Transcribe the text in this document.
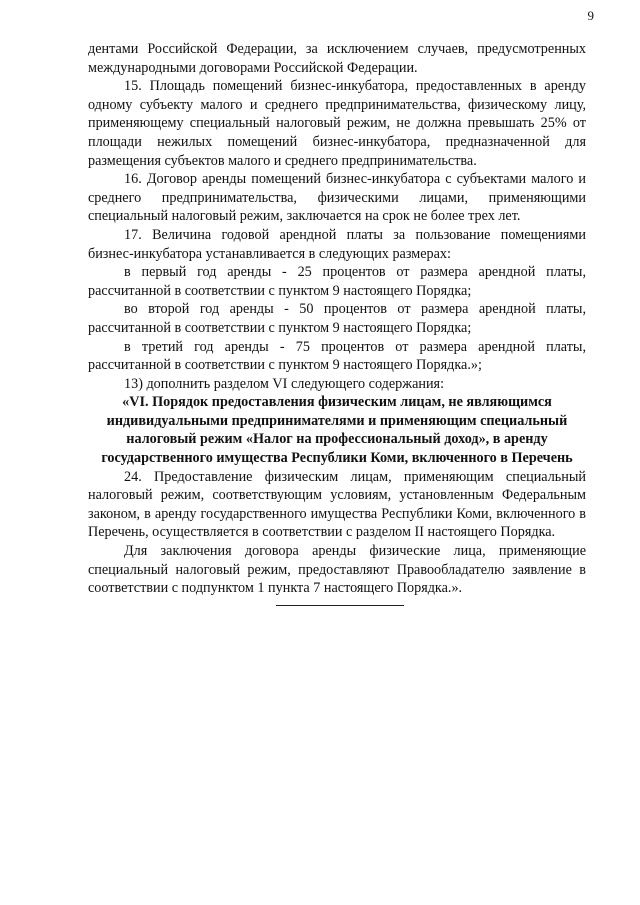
9

дентами Российской Федерации, за исключением случаев, предусмотренных международными договорами Российской Федерации.

15. Площадь помещений бизнес-инкубатора, предоставленных в аренду одному субъекту малого и среднего предпринимательства, физическому лицу, применяющему специальный налоговый режим, не должна превышать 25% от площади нежилых помещений бизнес-инкубатора, предназначенной для размещения субъектов малого и среднего предпринимательства.

16. Договор аренды помещений бизнес-инкубатора с субъектами малого и среднего предпринимательства, физическими лицами, применяющими специальный налоговый режим, заключается на срок не более трех лет.

17. Величина годовой арендной платы за пользование помещениями бизнес-инкубатора устанавливается в следующих размерах:

в первый год аренды - 25 процентов от размера арендной платы, рассчитанной в соответствии с пунктом 9 настоящего Порядка;

во второй год аренды - 50 процентов от размера арендной платы, рассчитанной в соответствии с пунктом 9 настоящего Порядка;

в третий год аренды - 75 процентов от размера арендной платы, рассчитанной в соответствии с пунктом 9 настоящего Порядка.»;

13) дополнить разделом VI следующего содержания:

«VI. Порядок предоставления физическим лицам, не являющимся индивидуальными предпринимателями и применяющим специальный налоговый режим «Налог на профессиональный доход», в аренду государственного имущества Республики Коми, включенного в Перечень

24. Предоставление физическим лицам, применяющим специальный налоговый режим, соответствующим условиям, установленным Федеральным законом, в аренду государственного имущества Республики Коми, включенного в Перечень, осуществляется в соответствии с разделом II настоящего Порядка.

Для заключения договора аренды физические лица, применяющие специальный налоговый режим, предоставляют Правообладателю заявление в соответствии с подпунктом 1 пункта 7 настоящего Порядка.».
